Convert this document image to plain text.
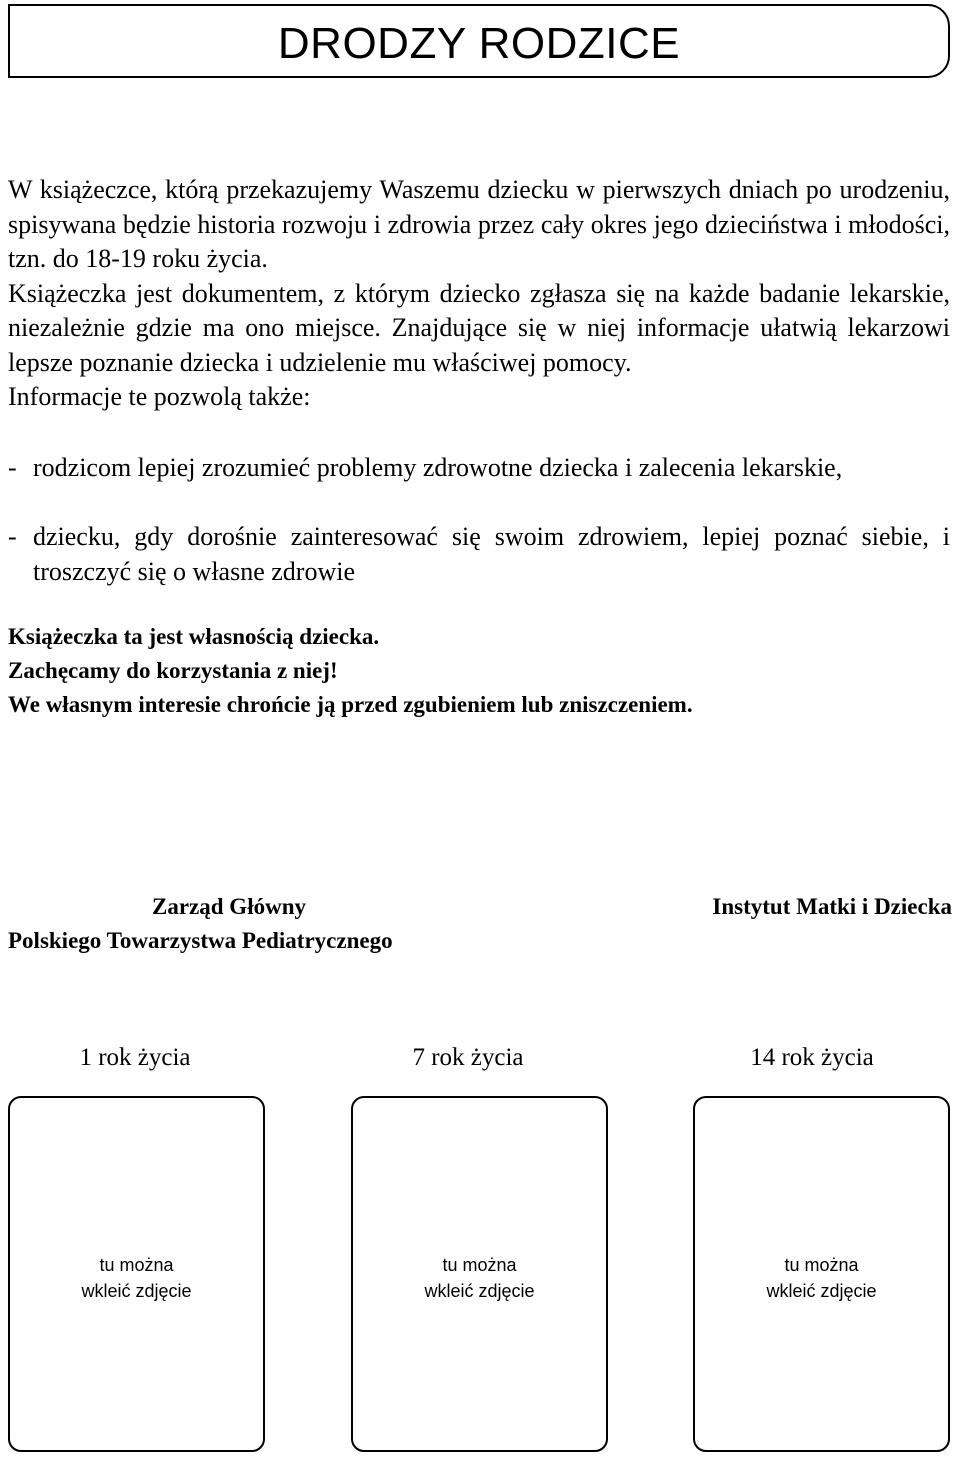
DRODZY RODZICE
W książeczce, którą przekazujemy Waszemu dziecku w pierwszych dniach po urodzeniu, spisywana będzie historia rozwoju i zdrowia przez cały okres jego dzieciństwa i młodości, tzn. do 18-19 roku życia.
Książeczka jest dokumentem, z którym dziecko zgłasza się na każde badanie lekarskie, niezależnie gdzie ma ono miejsce. Znajdujące się w niej informacje ułatwią lekarzowi lepsze poznanie dziecka i udzielenie mu właściwej pomocy.
Informacje te pozwolą także:
- rodzicom lepiej zrozumieć problemy zdrowotne dziecka i zalecenia lekarskie,
- dziecku, gdy dorośnie zainteresować się swoim zdrowiem, lepiej poznać siebie, i troszczyć się o własne zdrowie
Książeczka ta jest własnością dziecka.
Zachęcamy do korzystania z niej!
We własnym interesie chrońcie ją przed zgubieniem lub zniszczeniem.
Zarząd Główny
Polskiego Towarzystwa Pediatrycznego
Instytut Matki i Dziecka
1 rok życia	7 rok życia	14 rok życia
tu można
wkleić zdjęcie
tu można
wkleić zdjęcie
tu można
wkleić zdjęcie
